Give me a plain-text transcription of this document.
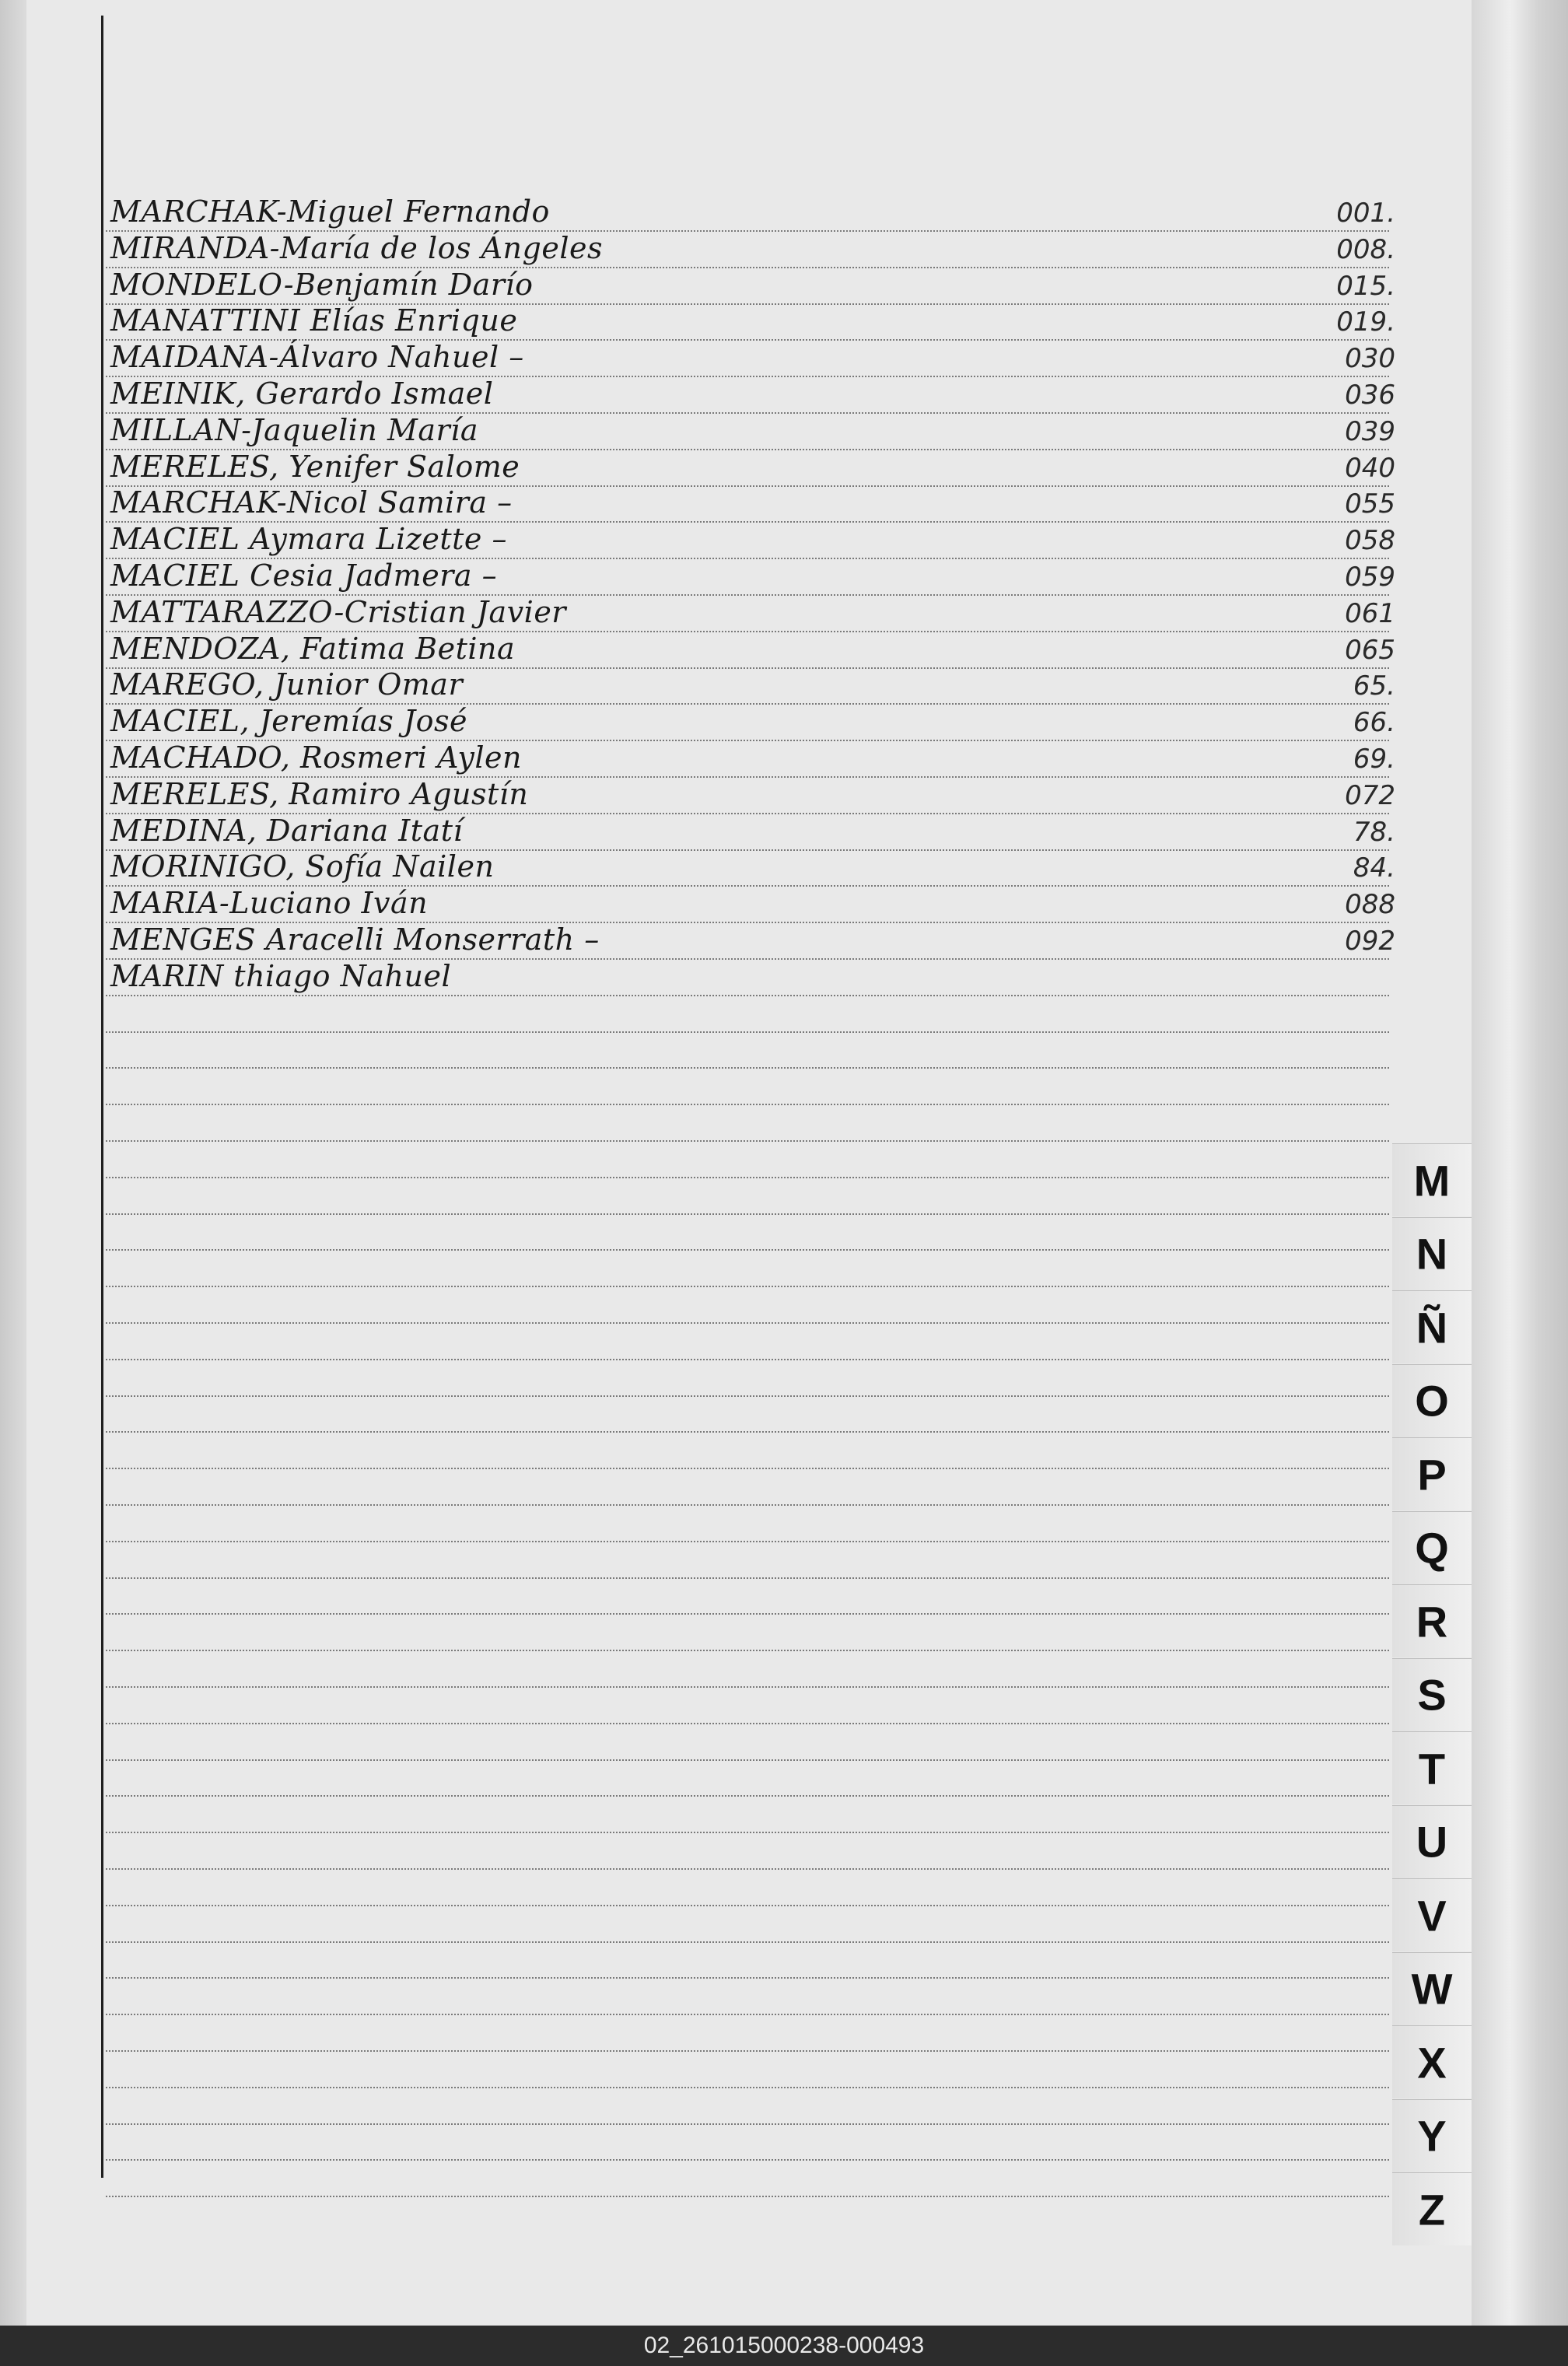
MARCHAK-Miguel Fernando	001.
MIRANDA-María de los Ángeles	008.
MONDELO-Benjamín Darío	015.
MANATTINI Elías Enrique	019.
MAIDANA-Álvaro Nahuel –	030
MEINIK, Gerardo Ismael	036
MILLAN-Jaquelin María	039
MERELES, Yenifer Salome	040
MARCHAK-Nicol Samira –	055
MACIEL Aymara Lizette –	058
MACIEL Cesia Jadmera –	059
MATTARAZZO-Cristian Javier	061
MENDOZA, Fatima Betina	065
MAREGO, Junior Omar	65.
MACIEL, Jeremías José	66.
MACHADO, Rosmeri Aylen	69.
MERELES, Ramiro Agustín	072
MEDINA, Dariana Itatí	78.
MORINIGO, Sofía Nailen	84.
MARIA-Luciano Iván	088
MENGES Aracelli Monserrath –	092
MARIN thiago Nahuel
M
N
Ñ
O
P
Q
R
S
T
U
V
W
X
Y
Z
02_261015000238-000493
